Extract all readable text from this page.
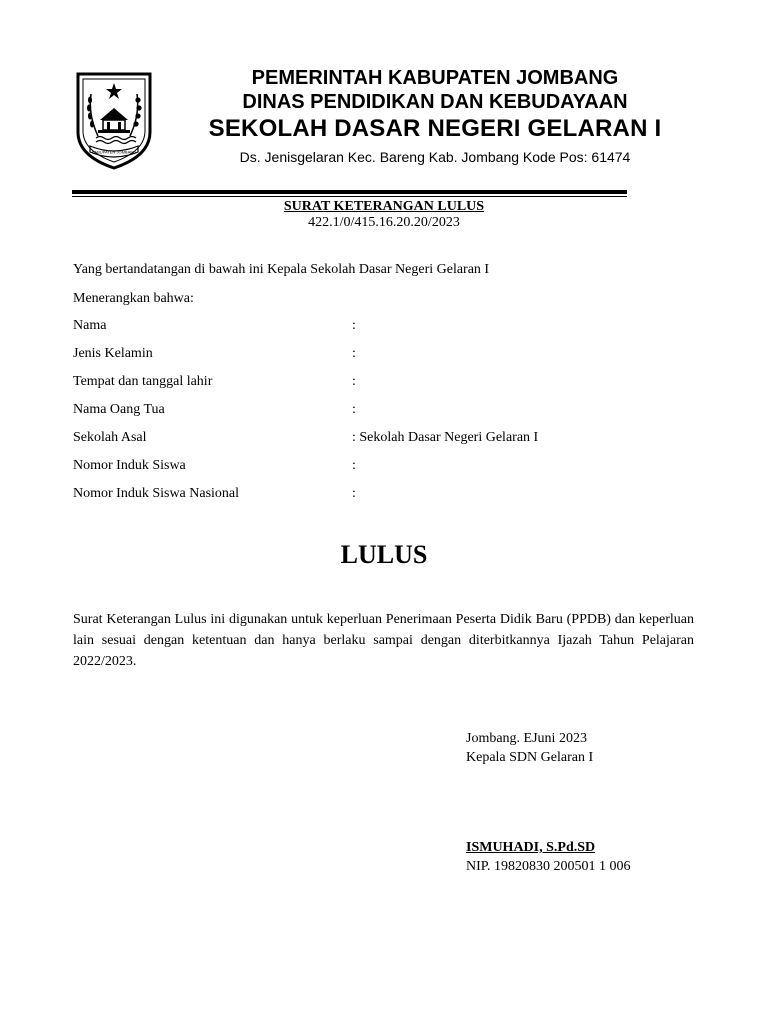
KABUPATEN JOMBANG
PEMERINTAH KABUPATEN JOMBANG
DINAS PENDIDIKAN DAN KEBUDAYAAN
SEKOLAH DASAR NEGERI GELARAN I
Ds. Jenisgelaran Kec. Bareng Kab. Jombang Kode Pos: 61474
SURAT KETERANGAN LULUS
422.1/0/415.16.20.20/2023
Yang bertandatangan di bawah ini Kepala Sekolah Dasar Negeri Gelaran I
Menerangkan bahwa:
Nama	:
Jenis Kelamin	:
Tempat dan tanggal lahir	:
Nama Oang Tua	:
Sekolah Asal	: Sekolah Dasar Negeri Gelaran I
Nomor Induk Siswa	:
Nomor Induk Siswa Nasional	:
LULUS
Surat Keterangan Lulus ini digunakan untuk keperluan Penerimaan Peserta Didik Baru (PPDB) dan keperluan lain sesuai dengan ketentuan dan hanya berlaku sampai dengan diterbitkannya Ijazah Tahun Pelajaran 2022/2023.
Jombang. EJuni 2023
Kepala SDN Gelaran I
ISMUHADI, S.Pd.SD
NIP. 19820830 200501 1 006
